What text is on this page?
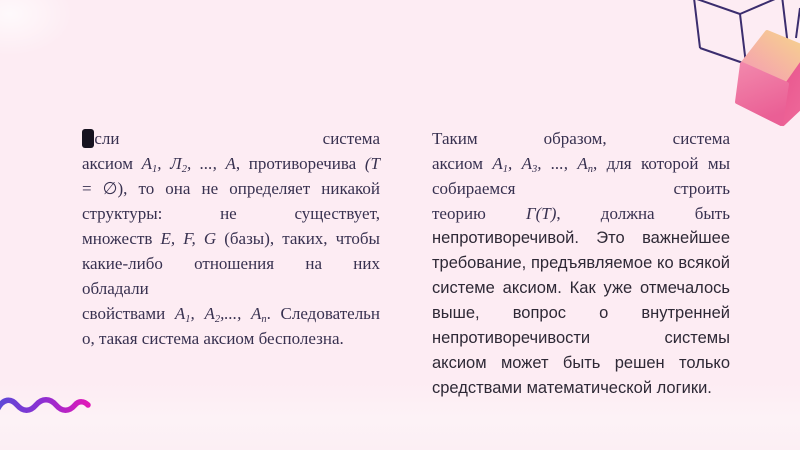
Если система
аксиом $А_1$, $Л_2$, ..., А, противоречива (Т
= ∅), то она не определяет никакой
структуры: не существует,
множеств Е, F, G (базы), таких, чтобы
какие-либо отношения на них
обладали
свойствами $А_1$, $А_2$,..., $А_n$. Следовательн
о, такая система аксиом бесполезна.
Таким образом, система
аксиом $А_1$, $А_3$, ..., $А_n$, для которой мы
собираемся строить
теорию Г(Т), должна быть
непротиворечивой. Это важнейшее
требование, предъявляемое ко всякой
системе аксиом. Как уже отмечалось
выше, вопрос о внутренней
непротиворечивости системы
аксиом может быть решен только
средствами математической логики.
